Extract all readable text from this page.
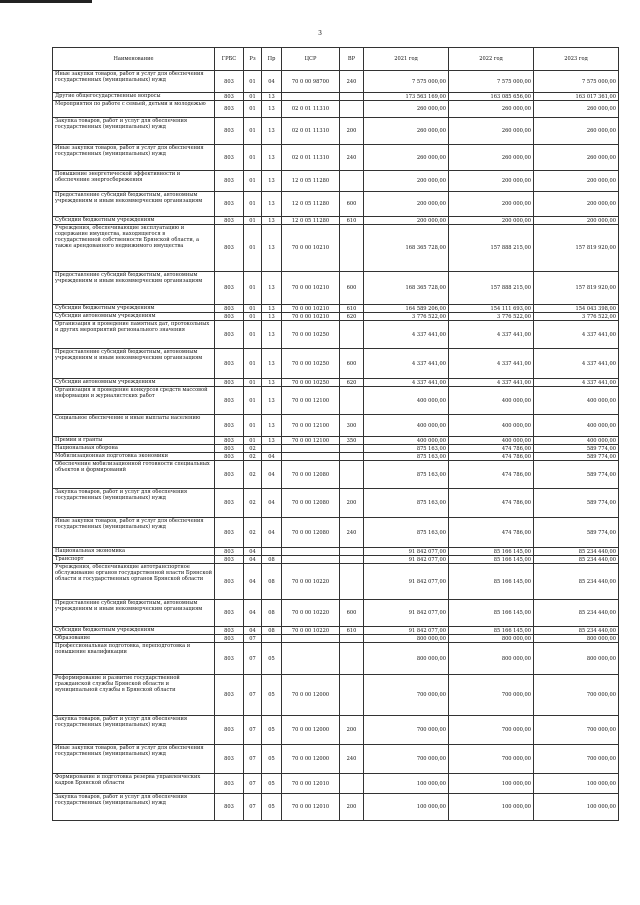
3
Наименование	ГРБС	Рз	Пр	ЦСР	ВР	2021 год	2022 год	2023 год
Иные закупки товаров, работ и услуг для обеспечения государственных (муниципальных) нужд	803	01	04	70 0 00 98700	240	7 575 000,00	7 575 000,00	7 575 000,00
Другие общегосударственные вопросы	803	01	13			173 563 169,00	163 085 656,00	163 017 361,00
Мероприятия по работе с семьей, детьми и молодежью	803	01	13	02 0 01 11310		260 000,00	260 000,00	260 000,00
Закупка товаров, работ и услуг для обеспечения государственных (муниципальных) нужд	803	01	13	02 0 01 11310	200	260 000,00	260 000,00	260 000,00
Иные закупки товаров, работ и услуг для обеспечения государственных (муниципальных) нужд	803	01	13	02 0 01 11310	240	260 000,00	260 000,00	260 000,00
Повышение энергетической эффективности и обеспечение энергосбережения	803	01	13	12 0 05 11280		200 000,00	200 000,00	200 000,00
Предоставление субсидий бюджетным, автономным учреждениям и иным некоммерческим организациям	803	01	13	12 0 05 11280	600	200 000,00	200 000,00	200 000,00
Субсидии бюджетным учреждениям	803	01	13	12 0 05 11280	610	200 000,00	200 000,00	200 000,00
Учреждения, обеспечивающие эксплуатацию и содержание имущества, находящегося в государственной собственности Брянской области, а также арендованного недвижимого имущества	803	01	13	70 0 00 10210		168 365 728,00	157 888 215,00	157 819 920,00
Предоставление субсидий бюджетным, автономным учреждениям и иным некоммерческим организациям	803	01	13	70 0 00 10210	600	168 365 728,00	157 888 215,00	157 819 920,00
Субсидии бюджетным учреждениям	803	01	13	70 0 00 10210	610	164 589 206,00	154 111 693,00	154 043 398,00
Субсидии автономным учреждениям	803	01	13	70 0 00 10210	620	3 776 522,00	3 776 522,00	3 776 522,00
Организация и проведение памятных дат, протокольных и других мероприятий регионального значения	803	01	13	70 0 00 10250		4 337 441,00	4 337 441,00	4 337 441,00
Предоставление субсидий бюджетным, автономным учреждениям и иным некоммерческим организациям	803	01	13	70 0 00 10250	600	4 337 441,00	4 337 441,00	4 337 441,00
Субсидии автономным учреждениям	803	01	13	70 0 00 10250	620	4 337 441,00	4 337 441,00	4 337 441,00
Организация и проведение конкурсов средств массовой информации и журналистских работ	803	01	13	70 0 00 12100		400 000,00	400 000,00	400 000,00
Социальное обеспечение и иные выплаты населению	803	01	13	70 0 00 12100	300	400 000,00	400 000,00	400 000,00
Премии и гранты	803	01	13	70 0 00 12100	350	400 000,00	400 000,00	400 000,00
Национальная оборона	803	02				875 163,00	474 786,00	589 774,00
Мобилизационная подготовка экономики	803	02	04			875 163,00	474 786,00	589 774,00
Обеспечение мобилизационной готовности специальных объектов и формирований	803	02	04	70 0 00 12080		875 163,00	474 786,00	589 774,00
Закупка товаров, работ и услуг для обеспечения государственных (муниципальных) нужд	803	02	04	70 0 00 12080	200	875 163,00	474 786,00	589 774,00
Иные закупки товаров, работ и услуг для обеспечения государственных (муниципальных) нужд	803	02	04	70 0 00 12080	240	875 163,00	474 786,00	589 774,00
Национальная экономика	803	04				91 842 077,00	85 166 145,00	85 234 440,00
Транспорт	803	04	08			91 842 077,00	85 166 145,00	85 234 440,00
Учреждения, обеспечивающие автотранспортное обслуживание органов государственной власти Брянской области и государственных органов Брянской области	803	04	08	70 0 00 10220		91 842 077,00	85 166 145,00	85 234 440,00
Предоставление субсидий бюджетным, автономным учреждениям и иным некоммерческим организациям	803	04	08	70 0 00 10220	600	91 842 077,00	85 166 145,00	85 234 440,00
Субсидии бюджетным учреждениям	803	04	08	70 0 00 10220	610	91 842 077,00	85 166 145,00	85 234 440,00
Образование	803	07				800 000,00	800 000,00	800 000,00
Профессиональная подготовка, переподготовка и повышение квалификации	803	07	05			800 000,00	800 000,00	800 000,00
Реформирование и развитие государственной гражданской службы Брянской области и муниципальной службы в Брянской области	803	07	05	70 0 00 12000		700 000,00	700 000,00	700 000,00
Закупка товаров, работ и услуг для обеспечения государственных (муниципальных) нужд	803	07	05	70 0 00 12000	200	700 000,00	700 000,00	700 000,00
Иные закупки товаров, работ и услуг для обеспечения государственных (муниципальных) нужд	803	07	05	70 0 00 12000	240	700 000,00	700 000,00	700 000,00
Формирование и подготовка резерва управленческих кадров Брянской области	803	07	05	70 0 00 12010		100 000,00	100 000,00	100 000,00
Закупка товаров, работ и услуг для обеспечения государственных (муниципальных) нужд	803	07	05	70 0 00 12010	200	100 000,00	100 000,00	100 000,00
